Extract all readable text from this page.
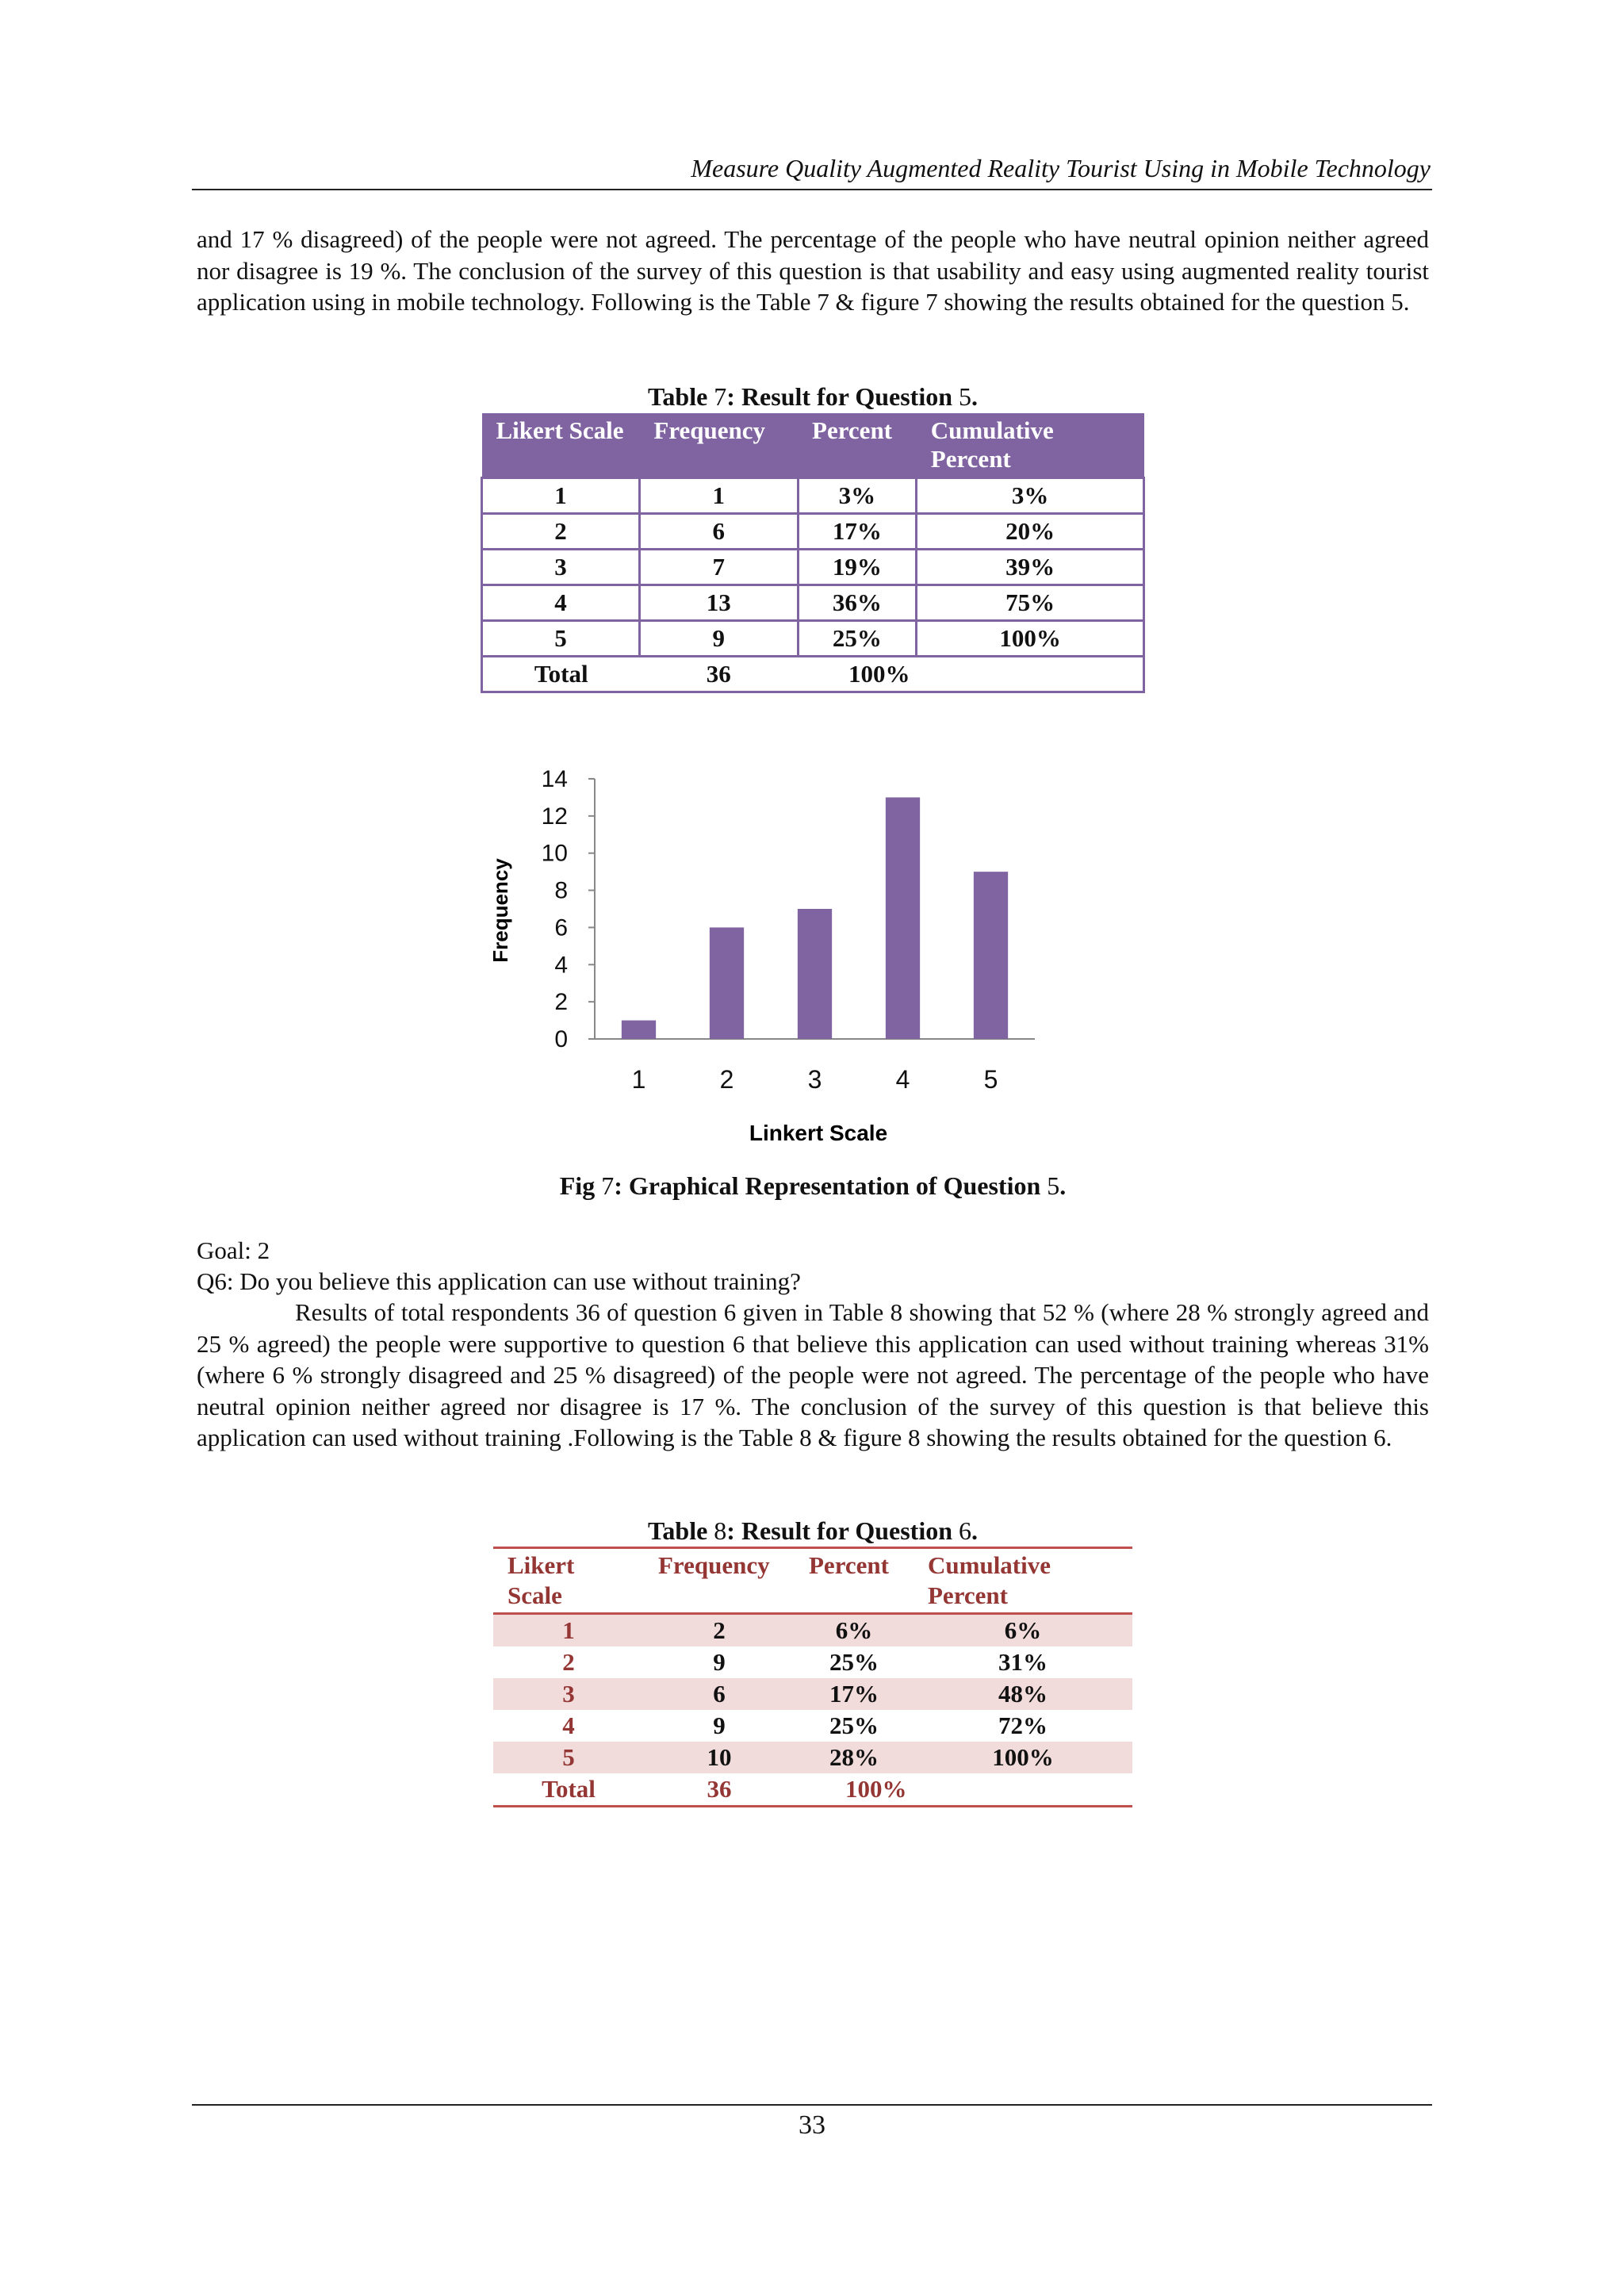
Measure Quality Augmented Reality Tourist Using in Mobile Technology

and 17 % disagreed) of the people were not agreed. The percentage of the people who have neutral opinion neither agreed nor disagree is 19 %. The conclusion of the survey of this question is that usability and easy using augmented reality tourist application using in mobile technology. Following is the Table 7 & figure 7 showing the results obtained for the question 5.

Table 7: Result for Question 5.
Likert Scale	Frequency	Percent	Cumulative Percent
1	1	3%	3%
2	6	17%	20%
3	7	19%	39%
4	13	36%	75%
5	9	25%	100%
Total	36	100%	
Frequency
Linkert Scale
0
2
4
6
8
10
12
14
1	2	3	4	5
Fig 7: Graphical Representation of Question 5.

Goal: 2

Q6: Do you believe this application can use without training?

Results of total respondents 36 of question 6 given in Table 8 showing that 52 % (where 28 % strongly agreed and 25 % agreed) the people were supportive to question 6 that believe this application can used without training whereas 31% (where 6 % strongly disagreed and 25 % disagreed) of the people were not agreed. The percentage of the people who have neutral opinion neither agreed nor disagree is 17 %. The conclusion of the survey of this question is that believe this application can used without training .Following is the Table 8 & figure 8 showing the results obtained for the question 6.

Table 8: Result for Question 6.
Likert Scale	Frequency	Percent	Cumulative Percent
1	2	6%	6%
2	9	25%	31%
3	6	17%	48%
4	9	25%	72%
5	10	28%	100%
Total	36	100%	
33
